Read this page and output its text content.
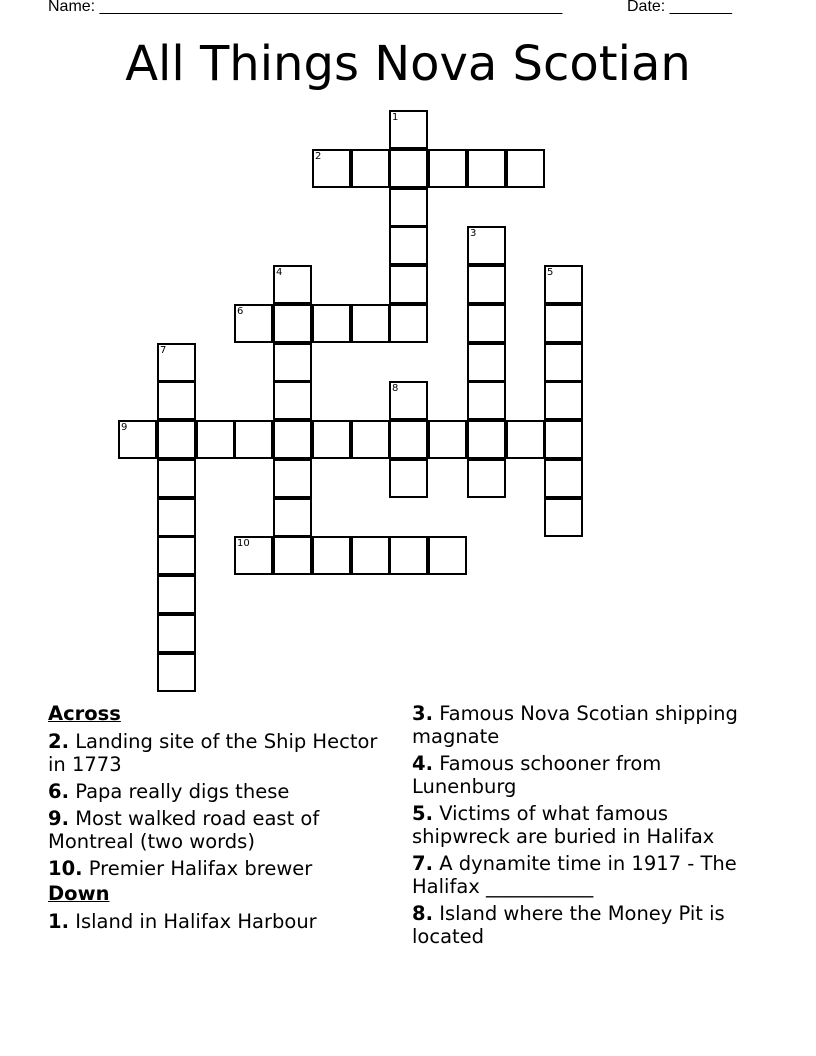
Name: ____________________________________________________	Date: _______
All Things Nova Scotian
1
2
3
4	5
6
7
8
9
10
Across
2. Landing site of the Ship Hector in 1773
6. Papa really digs these
9. Most walked road east of Montreal (two words)
10. Premier Halifax brewer
Down
1. Island in Halifax Harbour
3. Famous Nova Scotian shipping magnate
4. Famous schooner from Lunenburg
5. Victims of what famous shipwreck are buried in Halifax
7. A dynamite time in 1917 - The Halifax ___________
8. Island where the Money Pit is located
